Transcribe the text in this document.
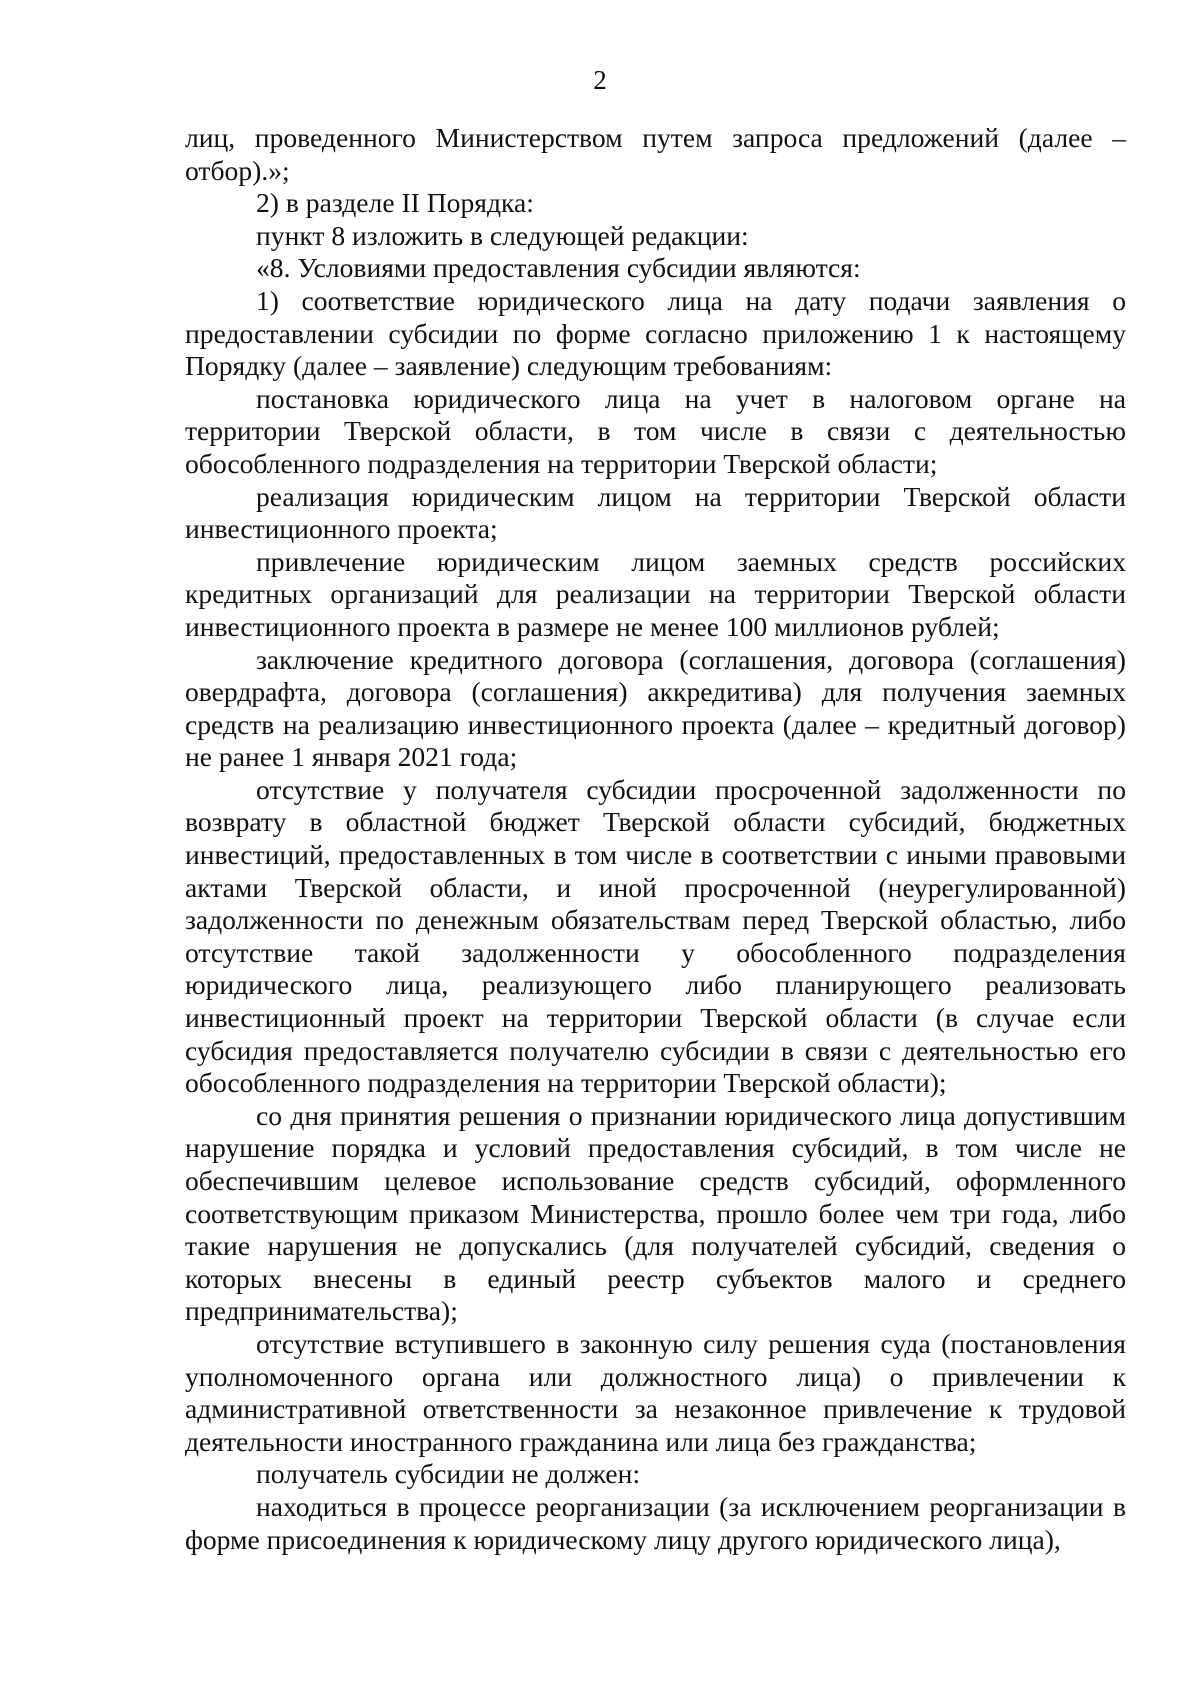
2

лиц, проведенного Министерством путем запроса предложений (далее – отбор).»;

2) в разделе II Порядка:

пункт 8 изложить в следующей редакции:

«8. Условиями предоставления субсидии являются:

1) соответствие юридического лица на дату подачи заявления о предоставлении субсидии по форме согласно приложению 1 к настоящему Порядку (далее – заявление) следующим требованиям:

постановка юридического лица на учет в налоговом органе на территории Тверской области, в том числе в связи с деятельностью обособленного подразделения на территории Тверской области;

реализация юридическим лицом на территории Тверской области инвестиционного проекта;

привлечение юридическим лицом заемных средств российских кредитных организаций для реализации на территории Тверской области инвестиционного проекта в размере не менее 100 миллионов рублей;

заключение кредитного договора (соглашения, договора (соглашения) овердрафта, договора (соглашения) аккредитива) для получения заемных средств на реализацию инвестиционного проекта (далее – кредитный договор) не ранее 1 января 2021 года;

отсутствие у получателя субсидии просроченной задолженности по возврату в областной бюджет Тверской области субсидий, бюджетных инвестиций, предоставленных в том числе в соответствии с иными правовыми актами Тверской области, и иной просроченной (неурегулированной) задолженности по денежным обязательствам перед Тверской областью, либо отсутствие такой задолженности у обособленного подразделения юридического лица, реализующего либо планирующего реализовать инвестиционный проект на территории Тверской области (в случае если субсидия предоставляется получателю субсидии в связи с деятельностью его обособленного подразделения на территории Тверской области);

со дня принятия решения о признании юридического лица допустившим нарушение порядка и условий предоставления субсидий, в том числе не обеспечившим целевое использование средств субсидий, оформленного соответствующим приказом Министерства, прошло более чем три года, либо такие нарушения не допускались (для получателей субсидий, сведения о которых внесены в единый реестр субъектов малого и среднего предпринимательства);

отсутствие вступившего в законную силу решения суда (постановления уполномоченного органа или должностного лица) о привлечении к административной ответственности за незаконное привлечение к трудовой деятельности иностранного гражданина или лица без гражданства;

получатель субсидии не должен:

находиться в процессе реорганизации (за исключением реорганизации в форме присоединения к юридическому лицу другого юридического лица),
